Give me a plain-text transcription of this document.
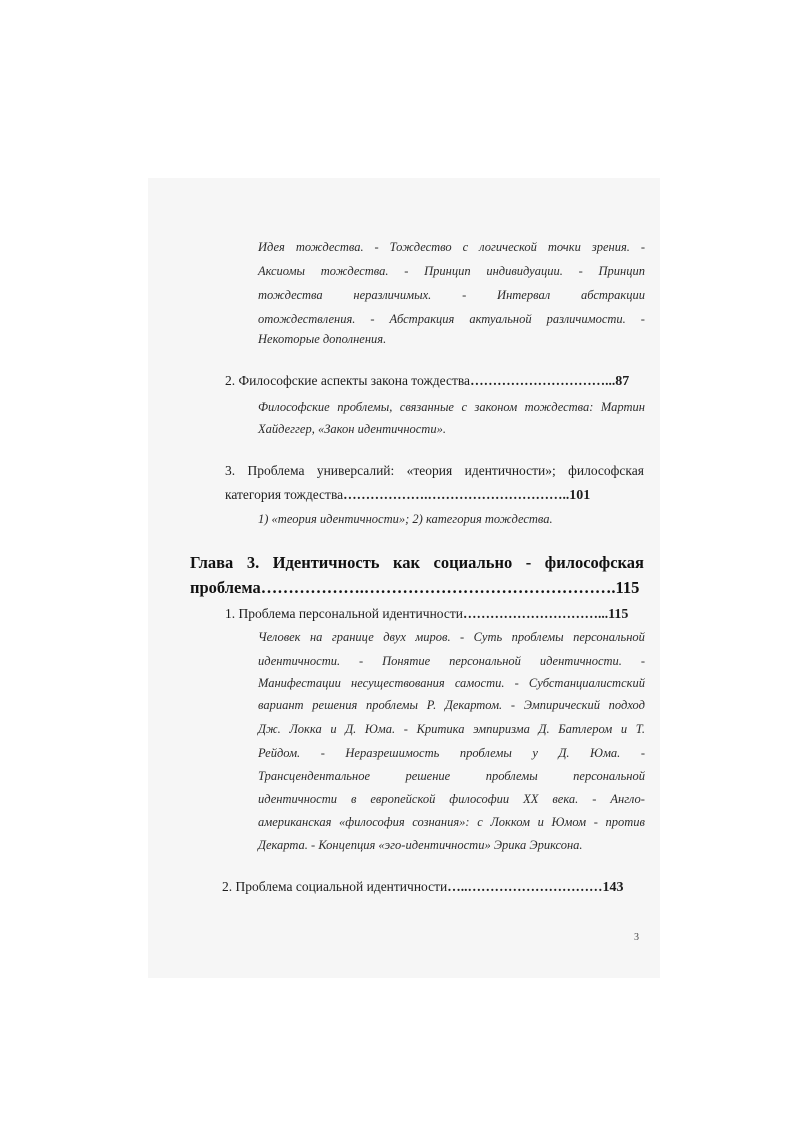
Идея тождества. - Тождество с логической точки зрения. -
Аксиомы тождества. - Принцип индивидуации. - Принцип
тождества неразличимых. - Интервал абстракции
отождествления. - Абстракция актуальной различимости. -
Некоторые дополнения.
2. Философские аспекты закона тождества…………………………...87
Философские проблемы, связанные с законом тождества: Мартин
Хайдеггер, «Закон идентичности».
3. Проблема универсалий: «теория идентичности»; философская
категория тождества……………….…………………………..101
1) «теория идентичности»; 2) категория тождества.
Глава 3. Идентичность как социально - философская
проблема……………….……………………………………….115
1. Проблема персональной идентичности…………………………...115
Человек на границе двух миров. - Суть проблемы персональной
идентичности. - Понятие персональной идентичности. -
Манифестации несуществования самости. - Субстанциалистский
вариант решения проблемы Р. Декартом. - Эмпирический подход
Дж. Локка и Д. Юма. - Критика эмпиризма Д. Батлером и Т.
Рейдом. - Неразрешимость проблемы у Д. Юма. -
Трансцендентальное	решение	проблемы	персональной
идентичности в европейской философии XX века. - Англо-
американская «философия сознания»: с Локком и Юмом - против
Декарта. - Концепция «эго-идентичности» Эрика Эриксона.
2. Проблема социальной идентичности…..…………………………143
3
